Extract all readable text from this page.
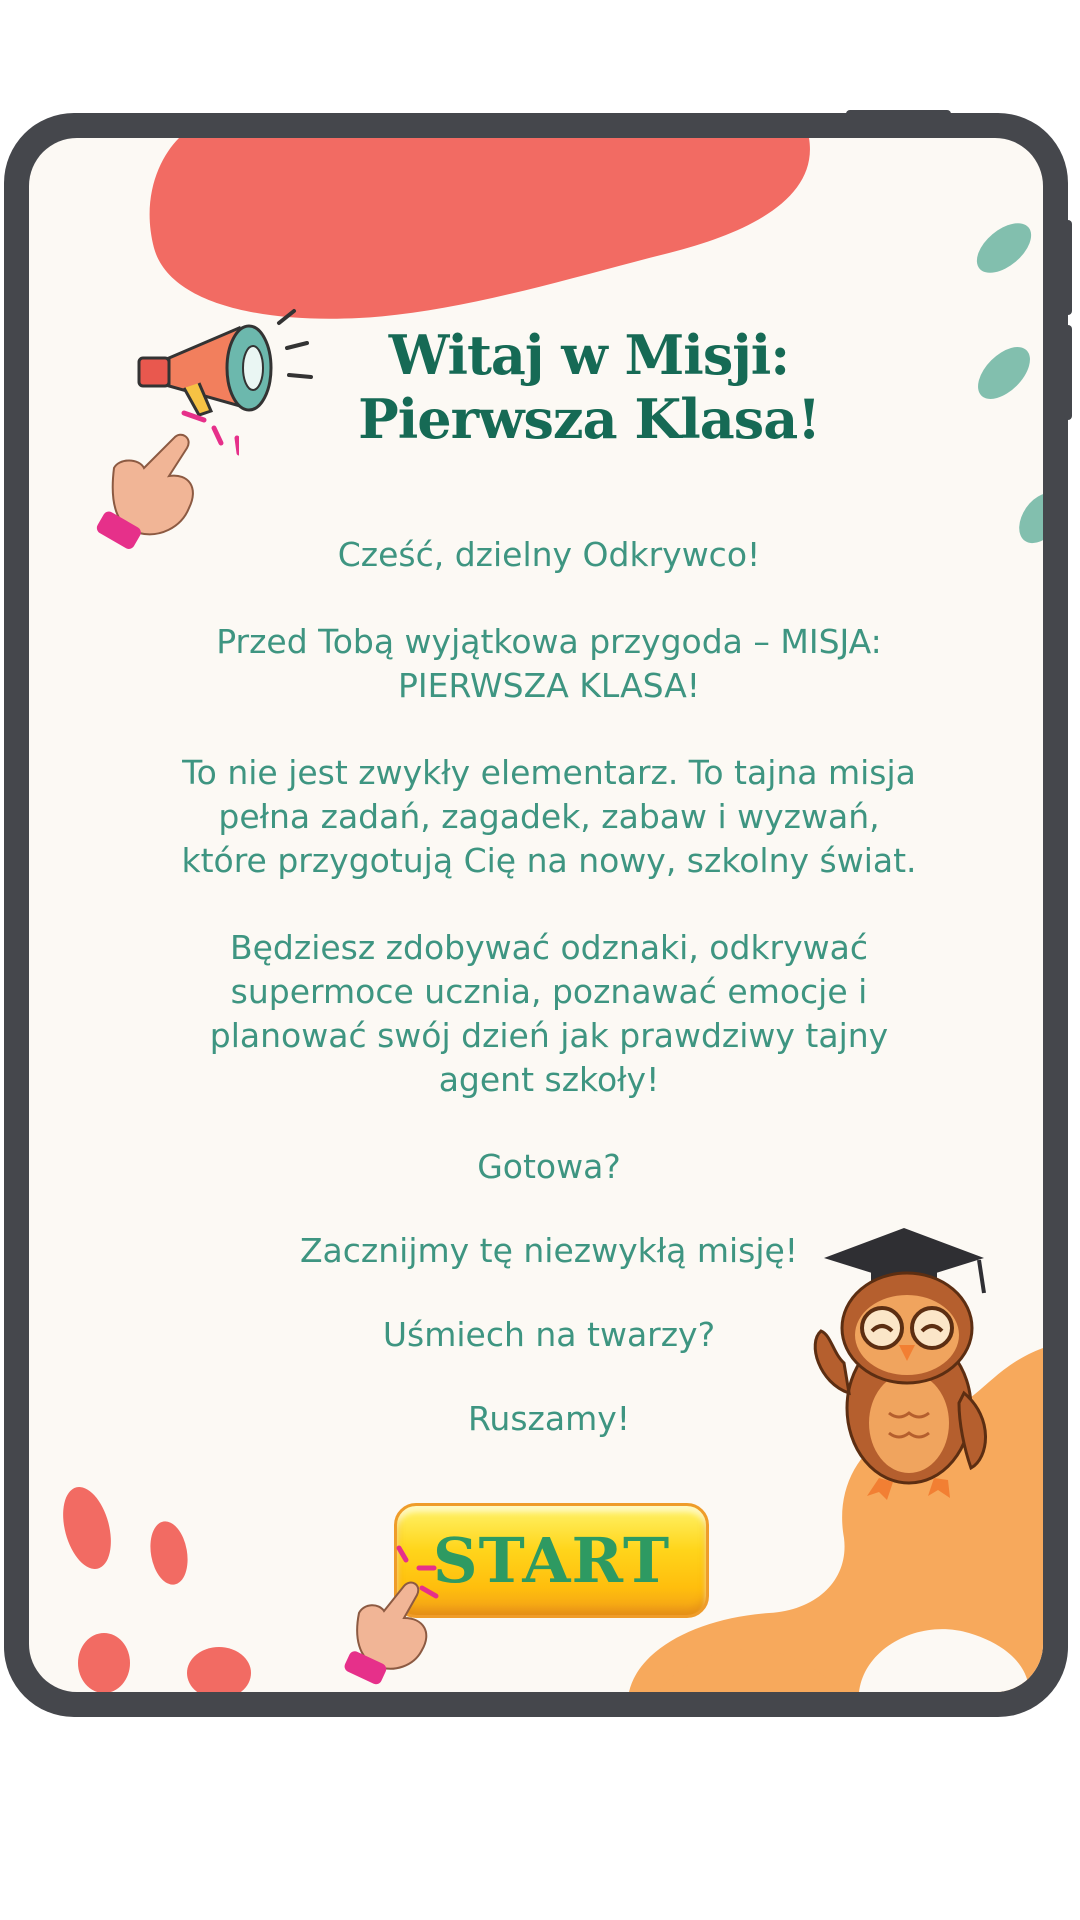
Witaj w Misji:
Pierwsza Klasa!

Cześć, dzielny Odkrywco!

Przed Tobą wyjątkowa przygoda – MISJA: PIERWSZA KLASA!

To nie jest zwykły elementarz. To tajna misja pełna zadań, zagadek, zabaw i wyzwań, które przygotują Cię na nowy, szkolny świat.

Będziesz zdobywać odznaki, odkrywać supermoce ucznia, poznawać emocje i planować swój dzień jak prawdziwy tajny agent szkoły!

Gotowa?

Zacznijmy tę niezwykłą misję!

Uśmiech na twarzy?

Ruszamy!

START
